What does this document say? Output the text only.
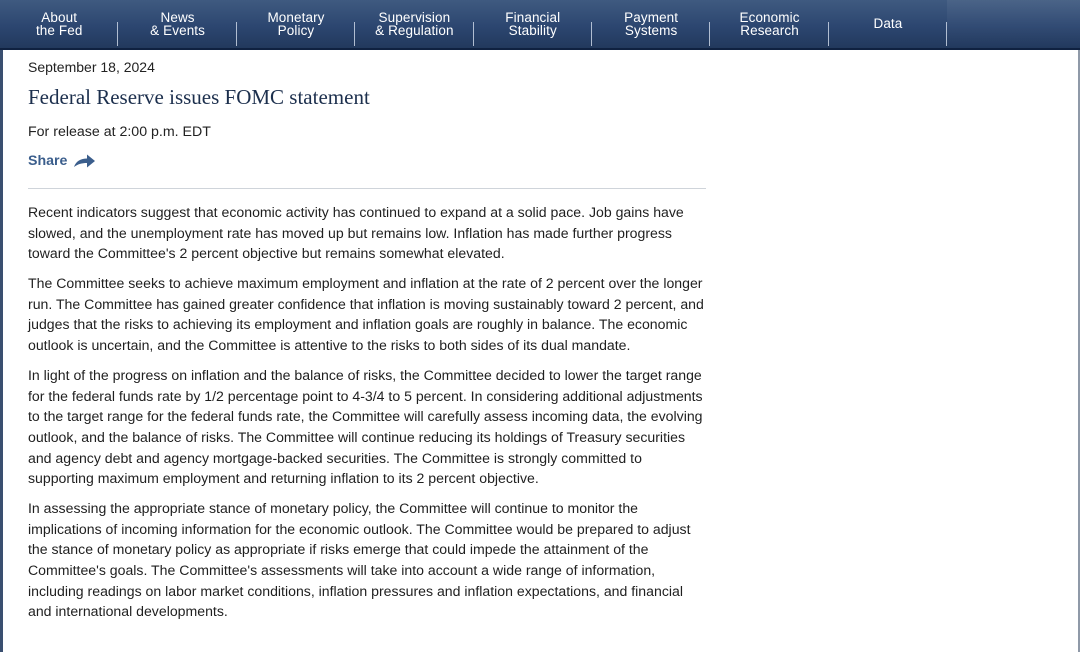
About
the Fed
News
& Events
Monetary
Policy
Supervision
& Regulation
Financial
Stability
Payment
Systems
Economic
Research	Data

September 18, 2024

Federal Reserve issues FOMC statement

For release at 2:00 p.m. EDT

Share

Recent indicators suggest that economic activity has continued to expand at a solid pace. Job gains have slowed, and the unemployment rate has moved up but remains low. Inflation has made further progress toward the Committee's 2 percent objective but remains somewhat elevated.

The Committee seeks to achieve maximum employment and inflation at the rate of 2 percent over the longer run. The Committee has gained greater confidence that inflation is moving sustainably toward 2 percent, and judges that the risks to achieving its employment and inflation goals are roughly in balance. The economic outlook is uncertain, and the Committee is attentive to the risks to both sides of its dual mandate.

In light of the progress on inflation and the balance of risks, the Committee decided to lower the target range for the federal funds rate by 1/2 percentage point to 4-3/4 to 5 percent. In considering additional adjustments to the target range for the federal funds rate, the Committee will carefully assess incoming data, the evolving outlook, and the balance of risks. The Committee will continue reducing its holdings of Treasury securities and agency debt and agency mortgage-backed securities. The Committee is strongly committed to supporting maximum employment and returning inflation to its 2 percent objective.

In assessing the appropriate stance of monetary policy, the Committee will continue to monitor the implications of incoming information for the economic outlook. The Committee would be prepared to adjust the stance of monetary policy as appropriate if risks emerge that could impede the attainment of the Committee's goals. The Committee's assessments will take into account a wide range of information, including readings on labor market conditions, inflation pressures and inflation expectations, and financial and international developments.
